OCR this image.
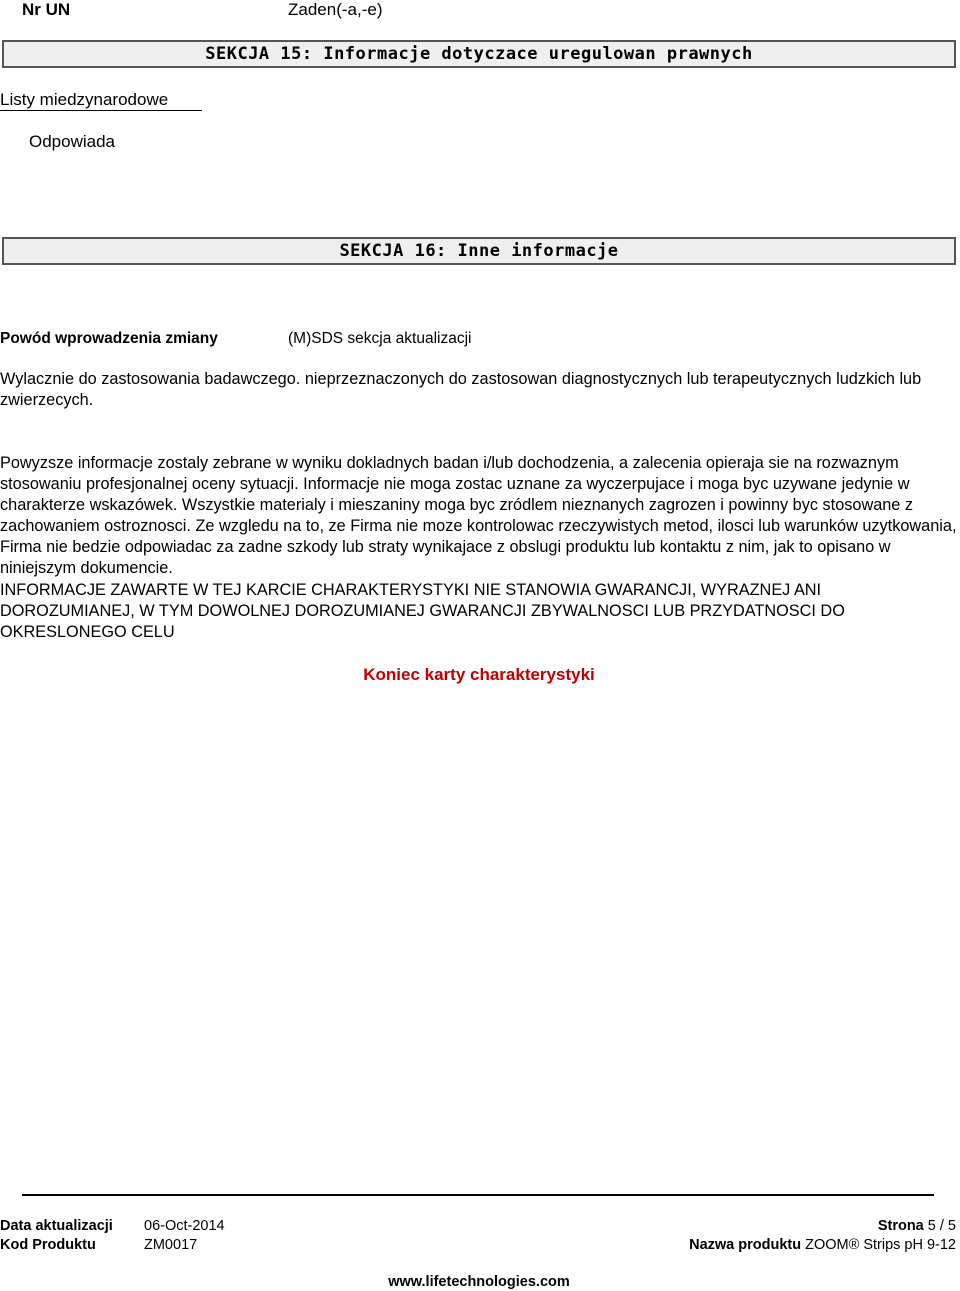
Nr UN	Zaden(-a,-e)
SEKCJA 15: Informacje dotyczace uregulowan prawnych
Listy miedzynarodowe
Odpowiada
SEKCJA 16: Inne informacje
Powód wprowadzenia zmiany	(M)SDS sekcja aktualizacji

Wylacznie do zastosowania badawczego. nieprzeznaczonych do zastosowan diagnostycznych lub terapeutycznych ludzkich lub zwierzecych.

Powyzsze informacje zostaly zebrane w wyniku dokladnych badan i/lub dochodzenia, a zalecenia opieraja sie na rozwaznym stosowaniu profesjonalnej oceny sytuacji. Informacje nie moga zostac uznane za wyczerpujace i moga byc uzywane jedynie w charakterze wskazówek. Wszystkie materialy i mieszaniny moga byc zródlem nieznanych zagrozen i powinny byc stosowane z zachowaniem ostroznosci. Ze wzgledu na to, ze Firma nie moze kontrolowac rzeczywistych metod, ilosci lub warunków uzytkowania, Firma nie bedzie odpowiadac za zadne szkody lub straty wynikajace z obslugi produktu lub kontaktu z nim, jak to opisano w niniejszym dokumencie.

INFORMACJE ZAWARTE W TEJ KARCIE CHARAKTERYSTYKI NIE STANOWIA GWARANCJI, WYRAZNEJ ANI DOROZUMIANEJ, W TYM DOWOLNEJ DOROZUMIANEJ GWARANCJI ZBYWALNOSCI LUB PRZYDATNOSCI DO OKRESLONEGO CELU

Koniec karty charakterystyki
Data aktualizacji 06-Oct-2014
Kod Produktu	ZM0017
Strona 5 / 5
Nazwa produktu ZOOM® Strips pH 9-12
www.lifetechnologies.com
